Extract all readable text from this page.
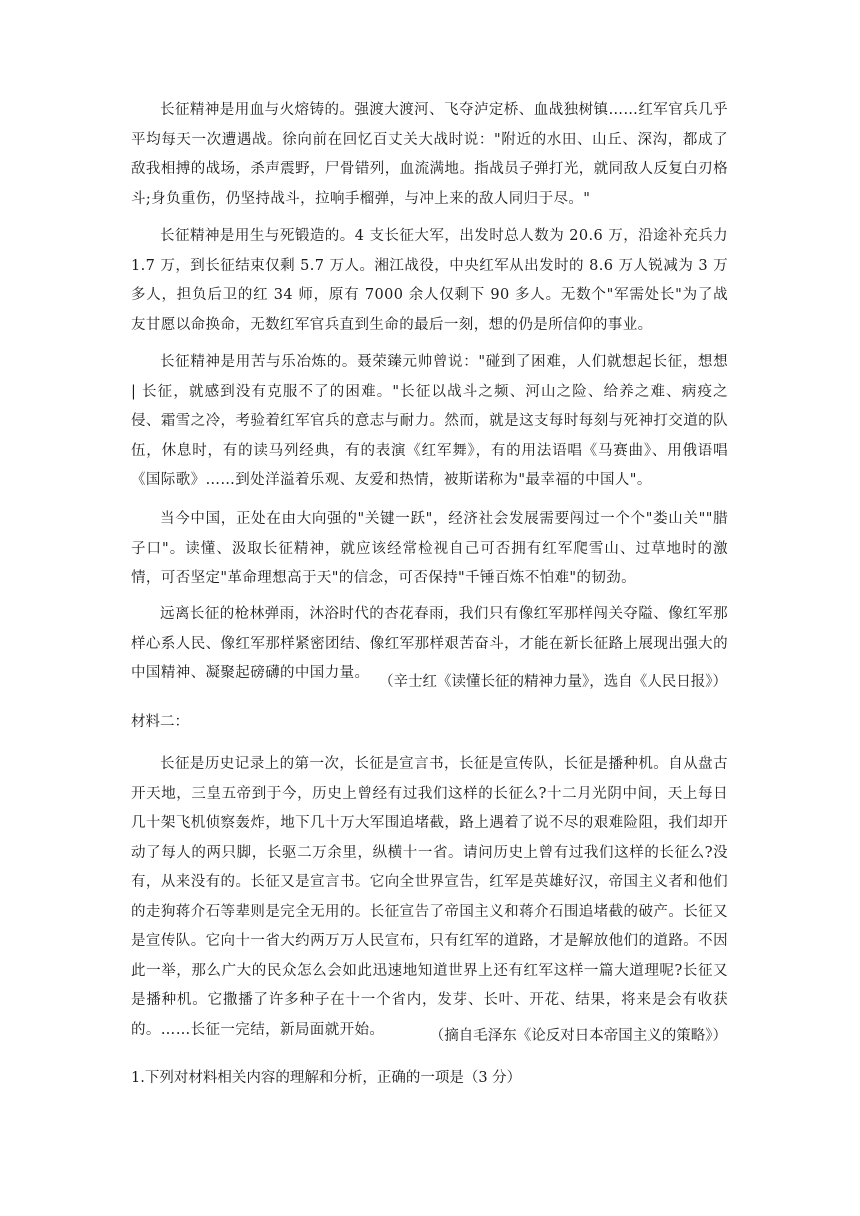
长征精神是用血与火熔铸的。强渡大渡河、飞夺泸定桥、血战独树镇……红军官兵几乎平均每天一次遭遇战。徐向前在回忆百丈关大战时说："附近的水田、山丘、深沟，都成了敌我相搏的战场，杀声震野，尸骨错列，血流满地。指战员子弹打光，就同敌人反复白刃格斗;身负重伤，仍坚持战斗，拉响手榴弹，与冲上来的敌人同归于尽。"

长征精神是用生与死锻造的。4 支长征大军，出发时总人数为 20.6 万，沿途补充兵力 1.7 万，到长征结束仅剩 5.7 万人。湘江战役，中央红军从出发时的 8.6 万人锐减为 3 万多人，担负后卫的红 34 师，原有 7000 余人仅剩下 90 多人。无数个"军需处长"为了战友甘愿以命换命，无数红军官兵直到生命的最后一刻，想的仍是所信仰的事业。

长征精神是用苦与乐冶炼的。聂荣臻元帅曾说："碰到了困难，人们就想起长征，想想 | 长征，就感到没有克服不了的困难。"长征以战斗之频、河山之险、给养之难、病疫之侵、霜雪之冷，考验着红军官兵的意志与耐力。然而，就是这支每时每刻与死神打交道的队伍，休息时，有的读马列经典，有的表演《红军舞》，有的用法语唱《马赛曲》、用俄语唱《国际歌》……到处洋溢着乐观、友爱和热情，被斯诺称为"最幸福的中国人"。

当今中国，正处在由大向强的"关键一跃"，经济社会发展需要闯过一个个"娄山关""腊子口"。读懂、汲取长征精神，就应该经常检视自己可否拥有红军爬雪山、过草地时的激情，可否坚定"革命理想高于天"的信念，可否保持"千锤百炼不怕难"的韧劲。

远离长征的枪林弹雨，沐浴时代的杏花春雨，我们只有像红军那样闯关夺隘、像红军那样心系人民、像红军那样紧密团结、像红军那样艰苦奋斗，才能在新长征路上展现出强大的中国精神、凝聚起磅礴的中国力量。

（辛士红《读懂长征的精神力量》，选自《人民日报》）

材料二：

长征是历史记录上的第一次，长征是宣言书，长征是宣传队，长征是播种机。自从盘古开天地，三皇五帝到于今，历史上曾经有过我们这样的长征么?十二月光阴中间，天上每日几十架飞机侦察轰炸，地下几十万大军围追堵截，路上遇着了说不尽的艰难险阻，我们却开动了每人的两只脚，长驱二万余里，纵横十一省。请问历史上曾有过我们这样的长征么?没有，从来没有的。长征又是宣言书。它向全世界宣告，红军是英雄好汉，帝国主义者和他们的走狗蒋介石等辈则是完全无用的。长征宣告了帝国主义和蒋介石围追堵截的破产。长征又是宣传队。它向十一省大约两万万人民宣布，只有红军的道路，才是解放他们的道路。不因此一举，那么广大的民众怎么会如此迅速地知道世界上还有红军这样一篇大道理呢?长征又是播种机。它撒播了许多种子在十一个省内，发芽、长叶、开花、结果，将来是会有收获的。……长征一完结，新局面就开始。	（摘自毛泽东《论反对日本帝国主义的策略》）

1.下列对材料相关内容的理解和分析，正确的一项是（3 分）
